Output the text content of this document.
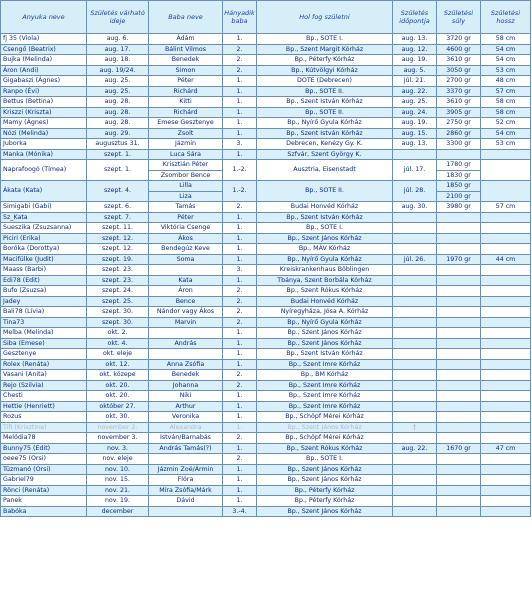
Anyuka neve	Születés várható ideje	Baba neve	Hányadik baba	Hol fog születni	Születés időpontja	Születési súly	Születési hossz
fj 35 (Viola)	aug. 6.	Ádám	1.	Bp., SOTE I.	aug. 13.	3720 gr	58 cm
Csengő (Beatrix)	aug. 17.	Bálint Vilmos	2.	Bp., Szent Margit Kórház	aug. 12.	4600 gr	54 cm
Bujka (Melinda)	aug. 18.	Benedek	2.	Bp., Péterfy Kórház	aug. 19.	3610 gr	54 cm
Áron (Andi)	aug. 19/24.	Simon	2.	Bp., Kútvölgyi Kórház	aug. 5.	3050 gr	53 cm
Gigabaszi (Ágnes)	aug. 25.	Péter	1.	DOTE (Debrecen)	júl. 21.	2700 gr	48 cm
Ranpo (Évi)	aug. 25.	Richárd	1.	Bp., SOTE II.	aug. 22.	3370 gr	57 cm
Bettus (Bettina)	aug. 28.	Kitti	1.	Bp., Szent István Kórház	aug. 25.	3610 gr	58 cm
Kriszzi (Kriszta)	aug. 28.	Richárd	1.	Bp., SOTE II.	aug. 24.	3905 gr	58 cm
Mamy (Ágnes)	aug. 28.	Emese Gesztenye	1.	Bp., Nyírő Gyula Kórház	aug. 19.	2750 gr	52 cm
Nózi (Melinda)	aug. 29.	Zsolt	1.	Bp., Szent István Kórház	aug. 15.	2860 gr	54 cm
Juborka	augusztus 31.	Jázmin	3.	Debrecen, Kenézy Gy. K.	aug. 13.	3300 gr	53 cm
Manka (Mónika)	szept. 1.	Luca Sára	1.	Szfvár, Szent György K.			
Naprafoogó (Tímea)	szept. 1.	Krisztián Péter	1.-2.	Ausztria, Eisenstadt	júl. 17.	1780 gr	
		Zsombor Bence				1830 gr	
Ákata (Kata)	szept. 4.	Lilla	1.-2.	Bp., SOTE II.	júl. 28.	1850 gr	
		Liza				2100 gr	
Simigabi (Gabi)	szept. 6.	Tamás	2.	Budai Honvéd Kórház	aug. 30.	3980 gr	57 cm
Sz_Kata	szept. 7.	Péter	1.	Bp., Szent István Kórház			
Sueszika (Zsuzsanna)	szept. 11.	Viktória Csenge	1.	Bp., SOTE I.			
Piciri (Erika)	szept. 12.	Ákos	1.	Bp., Szent János Kórház			
Boróka (Dorottya)	szept. 12.	Bendegúz Keve	1.	Bp., MÁV Kórház			
Macifülke (Judit)	szept. 19.	Soma	1.	Bp., Nyírő Gyula Kórház	júl. 26.	1970 gr	44 cm
Maass (Barbi)	szept. 23.		3.	Kreiskrankenhaus Böblingen			
Edi78 (Edit)	szept. 23.	Kata	1.	Tbánya, Szent Borbála Kórház			
Bufo (Zsuzsa)	szept. 24.	Áron	2.	Bp., Szent Rókus Kórház			
Jadey	szept. 25.	Bence	2.	Budai Honvéd Kórház			
Bali78 (Lívia)	szept. 30.	Nándor vagy Ákos	2.	Nyíregyháza, Jósa A. Kórház			
Tina73	szept. 30.	Marvin	2.	Bp., Nyírő Gyula Kórház			
Melba (Melinda)	okt. 2.		1.	Bp., Szent János Kórház			
Siba (Emese)	okt. 4.	András	1.	Bp., Szent János Kórház			
Gesztenye	okt. eleje		1.	Bp., Szent István Kórház			
Rolex (Renáta)	okt. 12.	Anna Zsófia	1.	Bp., Szent Imre Kórház			
Vasani (Anita)	okt. közepe	Benedek	2.	Bp., BM Kórház			
Rejo (Szilvia)	okt. 20.	Johanna	2.	Bp., Szent Imre Kórház			
Chesti	okt. 20.	Niki	1.	Bp., Szent Imre Kórház			
Hettie (Henriett)	október 27.	Arthur	1.	Bp., Szent Imre Kórház			
Rozus	okt. 30.	Veronika	1.	Bp., Schöpf Mérei Kórház			
Tifi (Krisztina)	november 2.	Alexandra	1.	Bp., Szent János Kórház	†		
Melódia78	november 3.	István/Barnabás	2.	Bp., Schöpf Mérei Kórház			
Bunny75 (Edit)	nov. 3.	András Tamás(?)	1.	Bp., Szent Rókus Kórház	aug. 22.	1670 gr	47 cm
oeee75 (Orsi)	nov. eleje		2.	Bp., SOTE I.			
Tüzmanó (Orsi)	nov. 10.	Jázmin Zoé/Ármin	1.	Bp., Szent János Kórház			
Gabriel79	nov. 15.	Flóra	1.	Bp., Szent János Kórház			
Rönci (Renáta)	nov. 21.	Míra Zsófia/Márk	1.	Bp., Péterfy Kórház			
Panek	nov. 19.	Dávid	1.	Bp., Péterfy Kórház			
Babóka	december		3.-4.	Bp., Szent János Kórház			
